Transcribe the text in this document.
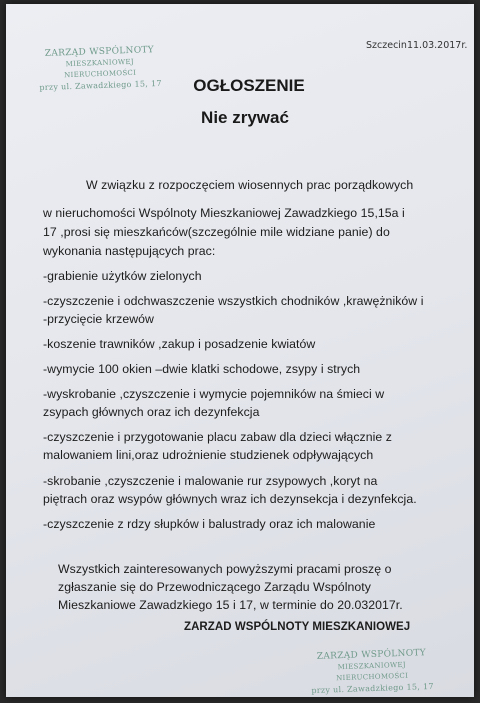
ZARZĄD WSPÓLNOTY
MIESZKANIOWEJ NIERUCHOMOŚCI
przy ul. Zawadzkiego 15, 17
Szczecin11.03.2017r.
OGŁOSZENIE
Nie zrywać
W związku z rozpoczęciem wiosennych prac porządkowych
w nieruchomości Wspólnoty Mieszkaniowej Zawadzkiego 15,15a i
17 ,prosi się mieszkańców(szczególnie mile widziane panie) do
wykonania następujących prac:
-grabienie użytków zielonych
-czyszczenie i odchwaszczenie wszystkich chodników ,krawężników i
-przycięcie krzewów
-koszenie trawników ,zakup i posadzenie kwiatów
-wymycie 100 okien –dwie klatki schodowe, zsypy i strych
-wyskrobanie ,czyszczenie i wymycie pojemników na śmieci w
zsypach głównych oraz ich dezynfekcja
-czyszczenie i przygotowanie placu zabaw dla dzieci włącznie z
malowaniem lini,oraz udrożnienie studzienek odpływających
-skrobanie ,czyszczenie i malowanie rur zsypowych ,koryt na
piętrach oraz wsypów głównych wraz ich dezynsekcja i dezynfekcja.
-czyszczenie z rdzy słupków i balustrady oraz ich malowanie
Wszystkich zainteresowanych powyższymi pracami proszę o
zgłaszanie się do Przewodniczącego Zarządu Wspólnoty
Mieszkaniowe Zawadzkiego 15 i 17, w terminie do 20.032017r.
ZARZAD WSPÓLNOTY MIESZKANIOWEJ
ZARZĄD WSPÓLNOTY
MIESZKANIOWEJ NIERUCHOMOŚCI
przy ul. Zawadzkiego 15, 17
